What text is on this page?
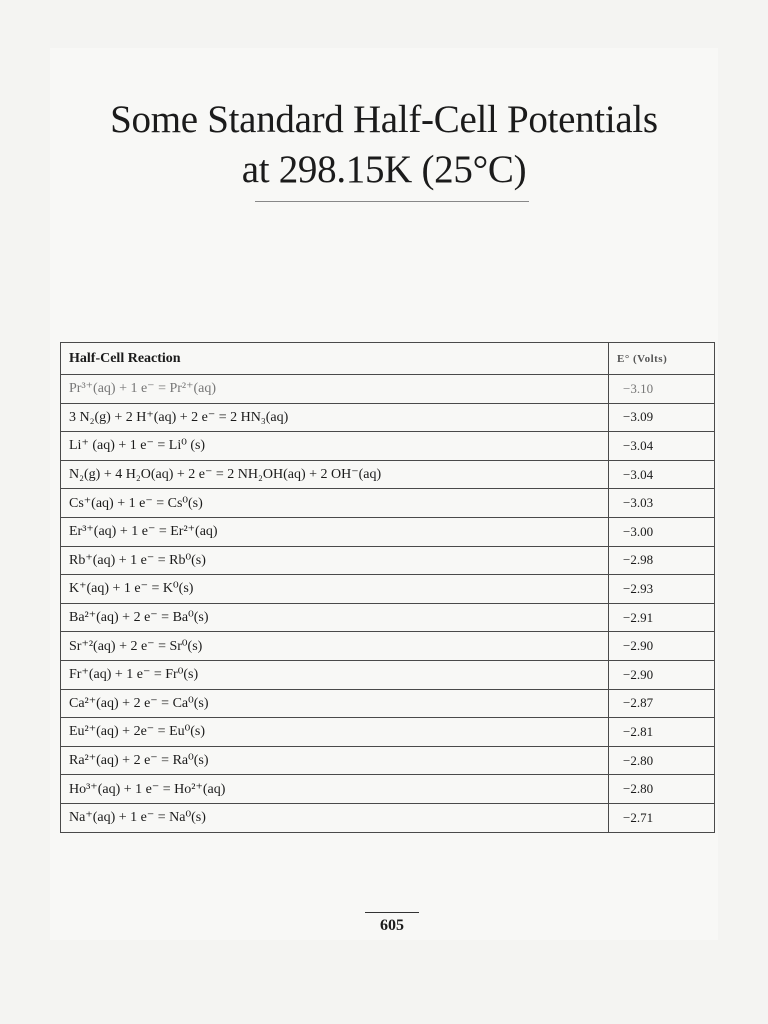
Some Standard Half-Cell Potentials
at 298.15K (25°C)
Half-Cell Reaction	E° (Volts)
Pr³⁺(aq) + 1 e⁻ = Pr²⁺(aq)	−3.10
3 N₂(g) + 2 H⁺(aq) + 2 e⁻ = 2 HN₃(aq)	−3.09
Li⁺ (aq) + 1 e⁻ = Li⁰ (s)	−3.04
N₂(g) + 4 H₂O(aq) + 2 e⁻ = 2 NH₂OH(aq) + 2 OH⁻(aq)	−3.04
Cs⁺(aq) + 1 e⁻ = Cs⁰(s)	−3.03
Er³⁺(aq) + 1 e⁻ = Er²⁺(aq)	−3.00
Rb⁺(aq) + 1 e⁻ = Rb⁰(s)	−2.98
K⁺(aq) + 1 e⁻ = K⁰(s)	−2.93
Ba²⁺(aq) + 2 e⁻ = Ba⁰(s)	−2.91
Sr⁺²(aq) + 2 e⁻ = Sr⁰(s)	−2.90
Fr⁺(aq) + 1 e⁻ = Fr⁰(s)	−2.90
Ca²⁺(aq) + 2 e⁻ = Ca⁰(s)	−2.87
Eu²⁺(aq) + 2e⁻ = Eu⁰(s)	−2.81
Ra²⁺(aq) + 2 e⁻ = Ra⁰(s)	−2.80
Ho³⁺(aq) + 1 e⁻ = Ho²⁺(aq)	−2.80
Na⁺(aq) + 1 e⁻ = Na⁰(s)	−2.71
605
